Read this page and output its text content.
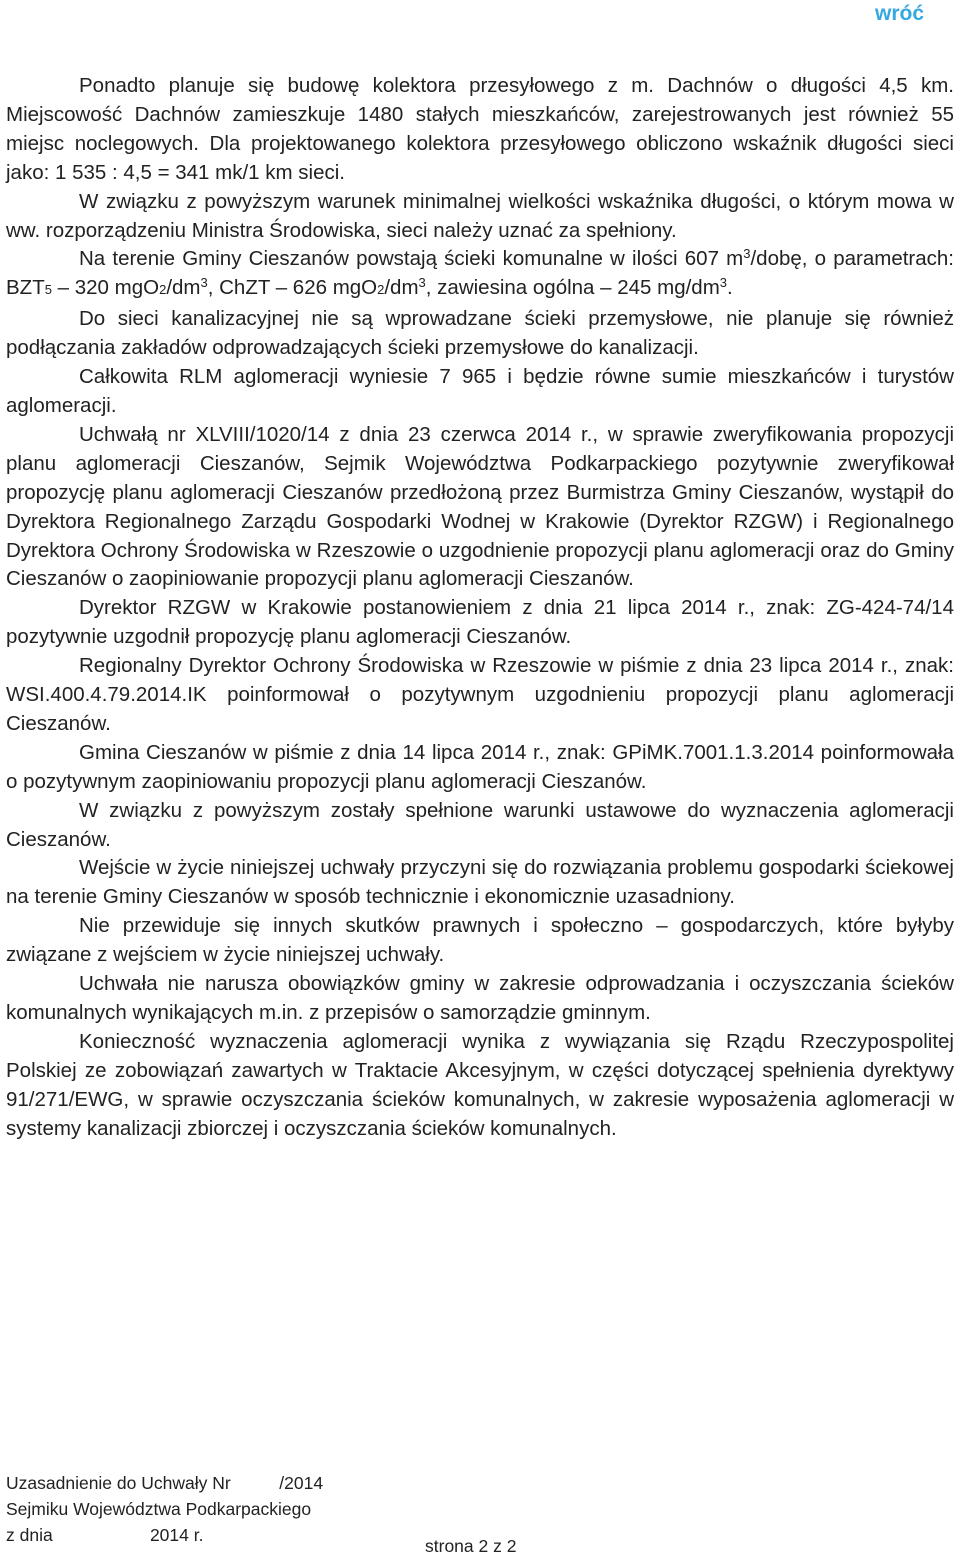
wróć

Ponadto planuje się budowę kolektora przesyłowego z m. Dachnów o długości 4,5 km. Miejscowość Dachnów zamieszkuje 1480 stałych mieszkańców, zarejestrowanych jest również 55 miejsc noclegowych. Dla projektowanego kolektora przesyłowego obliczono wskaźnik długości sieci jako: 1 535 : 4,5 = 341 mk/1 km sieci.

W związku z powyższym warunek minimalnej wielkości wskaźnika długości, o którym mowa w ww. rozporządzeniu Ministra Środowiska, sieci należy uznać za spełniony.

Na terenie Gminy Cieszanów powstają ścieki komunalne w ilości 607 $m^3$/dobę, o parametrach: BZT5 – 320 $mgO2/dm^3$, ChZT – 626 $mgO2/dm^3$, zawiesina ogólna – 245 $mg/dm^3$.

Do sieci kanalizacyjnej nie są wprowadzane ścieki przemysłowe, nie planuje się również podłączania zakładów odprowadzających ścieki przemysłowe do kanalizacji.

Całkowita RLM aglomeracji wyniesie 7 965 i będzie równe sumie mieszkańców i turystów aglomeracji.

Uchwałą nr XLVIII/1020/14 z dnia 23 czerwca 2014 r., w sprawie zweryfikowania propozycji planu aglomeracji Cieszanów, Sejmik Województwa Podkarpackiego pozytywnie zweryfikował propozycję planu aglomeracji Cieszanów przedłożoną przez Burmistrza Gminy Cieszanów, wystąpił do Dyrektora Regionalnego Zarządu Gospodarki Wodnej w Krakowie (Dyrektor RZGW) i Regionalnego Dyrektora Ochrony Środowiska w Rzeszowie o uzgodnienie propozycji planu aglomeracji oraz do Gminy Cieszanów o zaopiniowanie propozycji planu aglomeracji Cieszanów.

Dyrektor RZGW w Krakowie postanowieniem z dnia 21 lipca 2014 r., znak: ZG-424-74/14 pozytywnie uzgodnił propozycję planu aglomeracji Cieszanów.

Regionalny Dyrektor Ochrony Środowiska w Rzeszowie w piśmie z dnia 23 lipca 2014 r., znak: WSI.400.4.79.2014.IK poinformował o pozytywnym uzgodnieniu propozycji planu aglomeracji Cieszanów.

Gmina Cieszanów w piśmie z dnia 14 lipca 2014 r., znak: GPiMK.7001.1.3.2014 poinformowała o pozytywnym zaopiniowaniu propozycji planu aglomeracji Cieszanów.

W związku z powyższym zostały spełnione warunki ustawowe do wyznaczenia aglomeracji Cieszanów.

Wejście w życie niniejszej uchwały przyczyni się do rozwiązania problemu gospodarki ściekowej na terenie Gminy Cieszanów w sposób technicznie i ekonomicznie uzasadniony.

Nie przewiduje się innych skutków prawnych i społeczno – gospodarczych, które byłyby związane z wejściem w życie niniejszej uchwały.

Uchwała nie narusza obowiązków gminy w zakresie odprowadzania i oczyszczania ścieków komunalnych wynikających m.in. z przepisów o samorządzie gminnym.

Konieczność wyznaczenia aglomeracji wynika z wywiązania się Rządu Rzeczypospolitej Polskiej ze zobowiązań zawartych w Traktacie Akcesyjnym, w części dotyczącej spełnienia dyrektywy 91/271/EWG, w sprawie oczyszczania ścieków komunalnych, w zakresie wyposażenia aglomeracji w systemy kanalizacji zbiorczej i oczyszczania ścieków komunalnych.

Uzasadnienie do Uchwały Nr          /2014
Sejmiku Województwa Podkarpackiego
z dnia                    2014 r.
strona 2 z 2
